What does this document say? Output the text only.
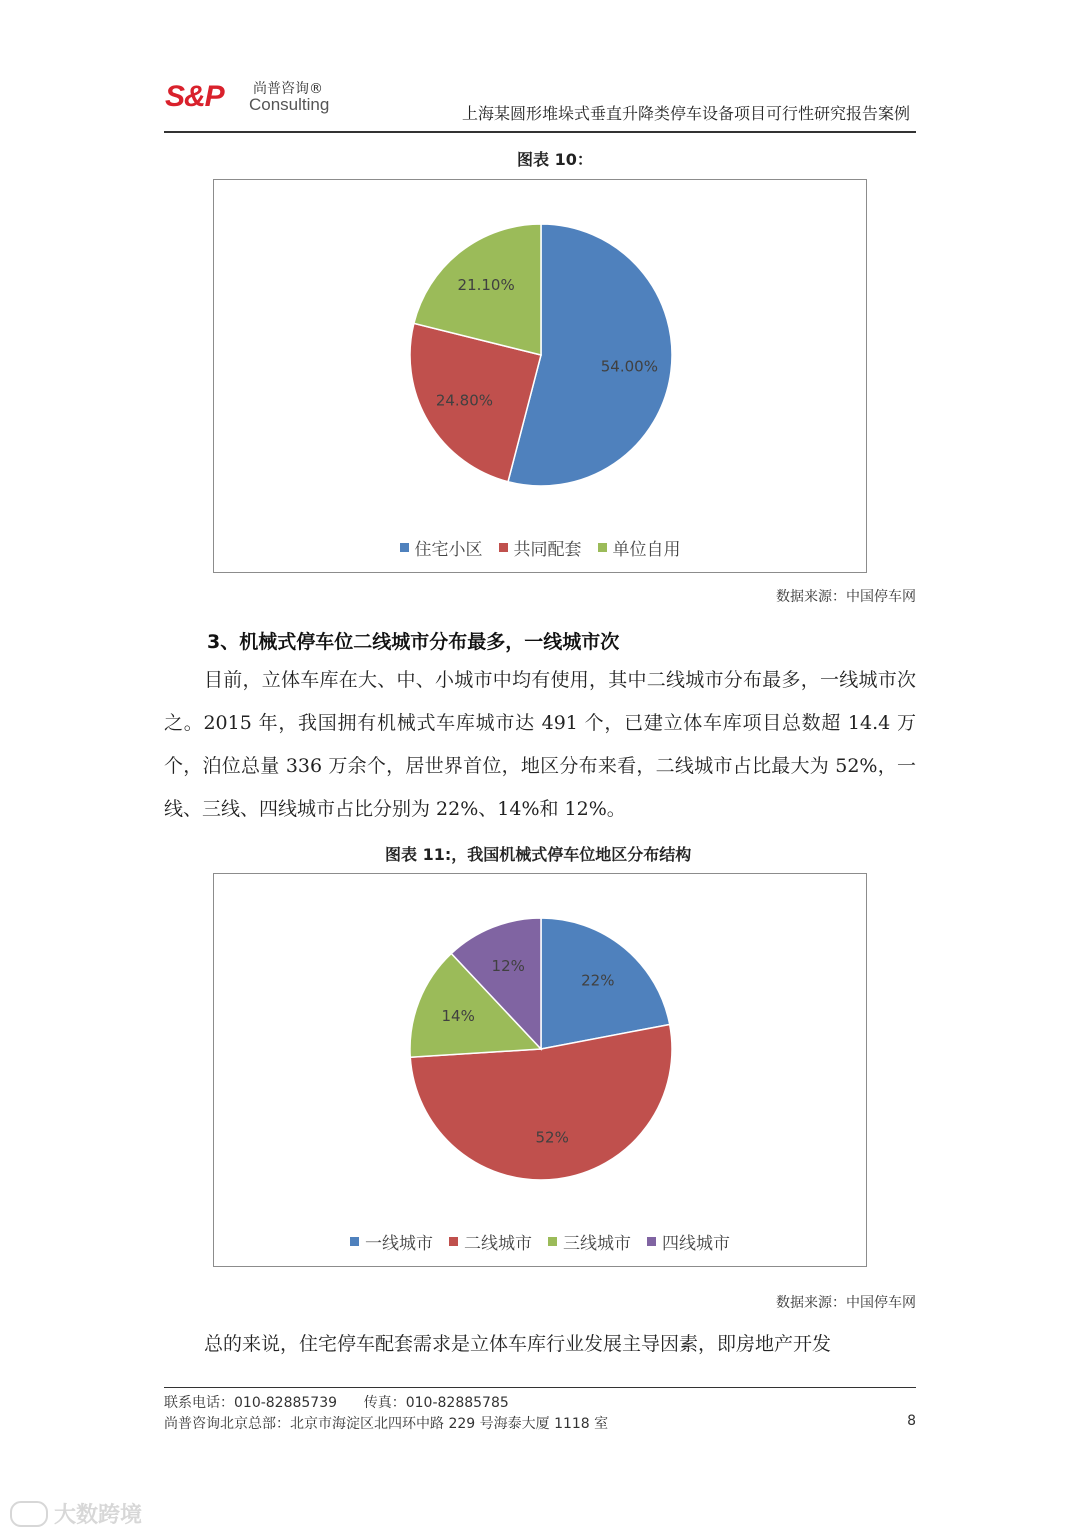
S&P 尚普咨询®
Consulting	上海某圆形堆垛式垂直升降类停车设备项目可行性研究报告案例
图表 10：
54.00%
24.80%
21.10%
住宅小区 共同配套 单位自用
数据来源：中国停车网
3、机械式停车位二线城市分布最多，一线城市次
目前，立体车库在大、中、小城市中均有使用，其中二线城市分布最多，一线城市次之。2015 年，我国拥有机械式车库城市达 491 个，已建立体车库项目总数超 14.4 万个，泊位总量 336 万余个，居世界首位，地区分布来看，二线城市占比最大为 52%，一线、三线、四线城市占比分别为 22%、14%和 12%。
图表 11:，我国机械式停车位地区分布结构
22%
52%
14%
12%
一线城市 二线城市 三线城市 四线城市
数据来源：中国停车网
总的来说，住宅停车配套需求是立体车库行业发展主导因素，即房地产开发
联系电话：010-82885739      传真：010-82885785
尚普咨询北京总部：北京市海淀区北四环中路 229 号海泰大厦 1118 室	8
大数跨境
